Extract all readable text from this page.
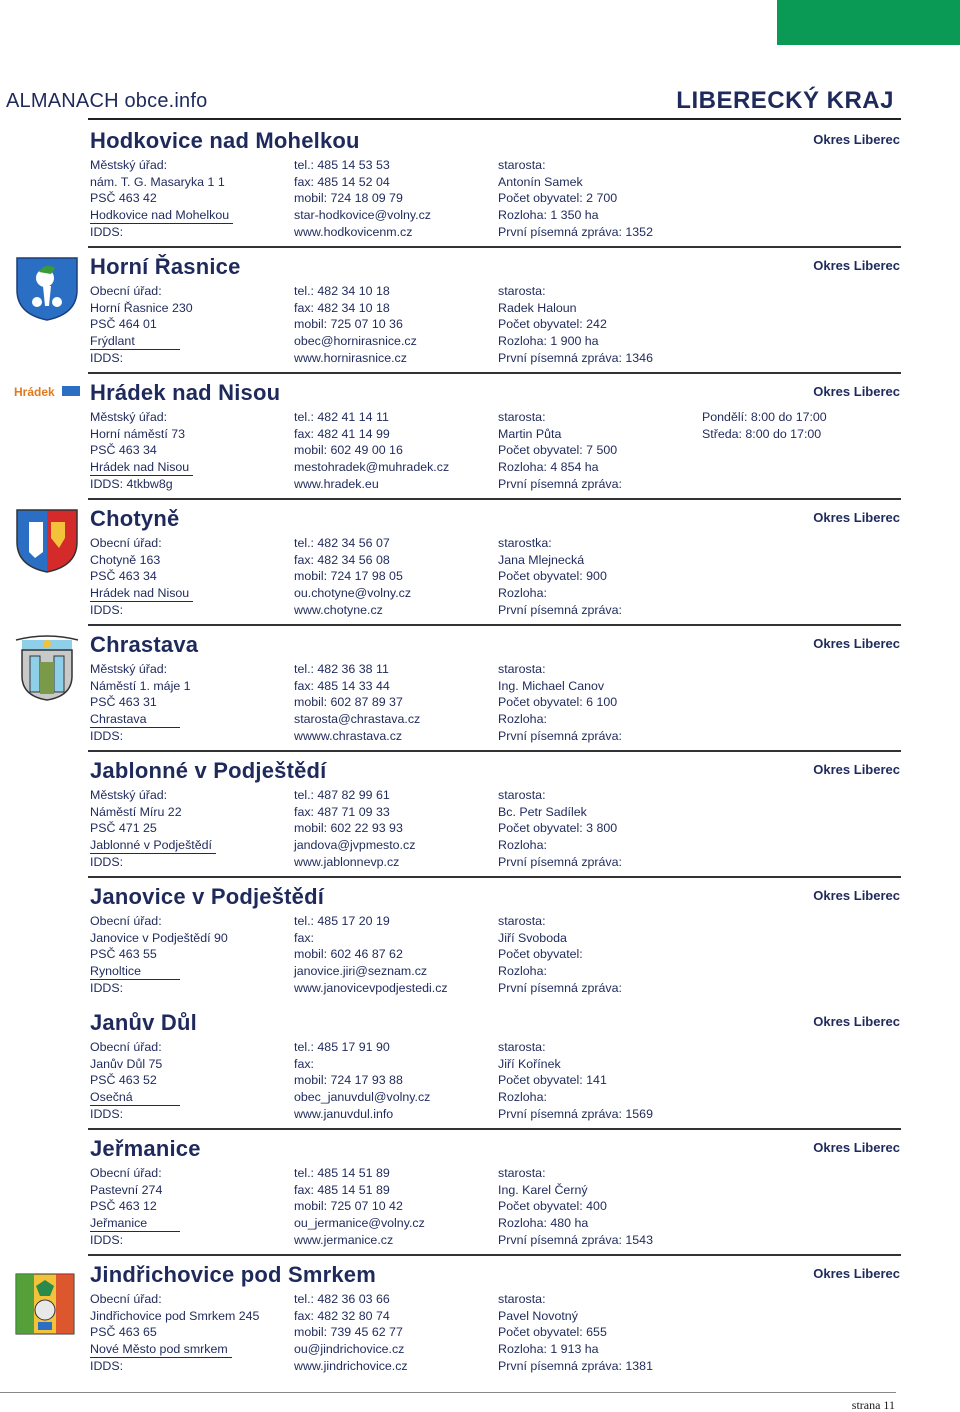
ALMANACH obce.info	LIBERECKÝ KRAJ
Hodkovice nad Mohelkou	Okres Liberec
Městský úřad:
nám. T. G. Masaryka 1 1
PSČ 463 42
Hodkovice nad Mohelkou
IDDS:
tel.: 485 14 53 53
fax: 485 14 52 04
mobil: 724 18 09 79
star-hodkovice@volny.cz
www.hodkovicenm.cz
starosta:
Antonín Samek
Počet obyvatel: 2 700
Rozloha: 1 350 ha
První písemná zpráva: 1352
Horní Řasnice	Okres Liberec
Obecní úřad:
Horní Řasnice 230
PSČ 464 01
Frýdlant
IDDS:
tel.: 482 34 10 18
fax: 482 34 10 18
mobil: 725 07 10 36
obec@hornirasnice.cz
www.hornirasnice.cz
starosta:
Radek Haloun
Počet obyvatel: 242
Rozloha: 1 900 ha
První písemná zpráva: 1346
Hrádek Hrádek nad Nisou	Okres Liberec
Městský úřad:
Horní náměstí 73
PSČ 463 34
Hrádek nad Nisou
IDDS: 4tkbw8g
tel.: 482 41 14 11
fax: 482 41 14 99
mobil: 602 49 00 16
mestohradek@muhradek.cz
www.hradek.eu
starosta:
Martin Půta
Počet obyvatel: 7 500
Rozloha: 4 854 ha
První písemná zpráva:
Pondělí: 8:00 do 17:00
Středa: 8:00 do 17:00
Chotyně	Okres Liberec
Obecní úřad:
Chotyně 163
PSČ 463 34
Hrádek nad Nisou
IDDS:
tel.: 482 34 56 07
fax: 482 34 56 08
mobil: 724 17 98 05
ou.chotyne@volny.cz
www.chotyne.cz
starostka:
Jana Mlejnecká
Počet obyvatel: 900
Rozloha:
První písemná zpráva:
Chrastava	Okres Liberec
Městský úřad:
Náměstí 1. máje 1
PSČ 463 31
Chrastava
IDDS:
tel.: 482 36 38 11
fax: 485 14 33 44
mobil: 602 87 89 37
starosta@chrastava.cz
wwww.chrastava.cz
starosta:
Ing. Michael Canov
Počet obyvatel: 6 100
Rozloha:
První písemná zpráva:
Jablonné v Podještědí	Okres Liberec
Městský úřad:
Náměstí Míru 22
PSČ 471 25
Jablonné v Podještědí
IDDS:
tel.: 487 82 99 61
fax: 487 71 09 33
mobil: 602 22 93 93
jandova@jvpmesto.cz
www.jablonnevp.cz
starosta:
Bc. Petr Sadílek
Počet obyvatel: 3 800
Rozloha:
První písemná zpráva:
Janovice v Podještědí	Okres Liberec
Obecní úřad:
Janovice v Podještědí 90
PSČ 463 55
Rynoltice
IDDS:
tel.: 485 17 20 19
fax:
mobil: 602 46 87 62
janovice.jiri@seznam.cz
www.janovicevpodjestedi.cz
starosta:
Jiří Svoboda
Počet obyvatel:
Rozloha:
První písemná zpráva:
Janův Důl	Okres Liberec
Obecní úřad:
Janův Důl 75
PSČ 463 52
Osečná
IDDS:
tel.: 485 17 91 90
fax:
mobil: 724 17 93 88
obec_januvdul@volny.cz
www.januvdul.info
starosta:
Jiří Kořínek
Počet obyvatel: 141
Rozloha:
První písemná zpráva: 1569
Jeřmanice	Okres Liberec
Obecní úřad:
Pastevní 274
PSČ 463 12
Jeřmanice
IDDS:
tel.: 485 14 51 89
fax: 485 14 51 89
mobil: 725 07 10 42
ou_jermanice@volny.cz
www.jermanice.cz
starosta:
Ing. Karel Černý
Počet obyvatel: 400
Rozloha: 480 ha
První písemná zpráva: 1543
Jindřichovice pod Smrkem	Okres Liberec
Obecní úřad:
Jindřichovice pod Smrkem 245
PSČ 463 65
Nové Město pod smrkem
IDDS:
tel.: 482 36 03 66
fax: 482 32 80 74
mobil: 739 45 62 77
ou@jindrichovice.cz
www.jindrichovice.cz
starosta:
Pavel Novotný
Počet obyvatel: 655
Rozloha: 1 913 ha
První písemná zpráva: 1381
strana 11
